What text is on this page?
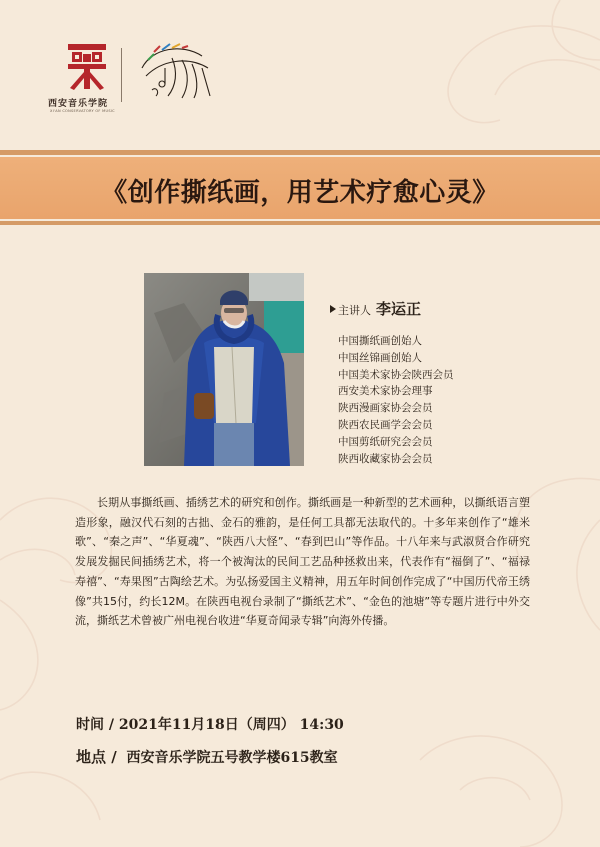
西安音乐学院
XI'AN CONSERVATORY OF MUSIC
《创作撕纸画，用艺术疗愈心灵》
主讲人 李运正
中国撕纸画创始人
中国丝锦画创始人
中国美术家协会陕西会员
西安美术家协会理事
陕西漫画家协会会员
陕西农民画学会会员
中国剪纸研究会会员
陕西收藏家协会会员

长期从事撕纸画、插绣艺术的研究和创作。撕纸画是一种新型的艺术画种，以撕纸语言塑造形象，融汉代石刻的古拙、金石的雅韵，是任何工具都无法取代的。十多年来创作了“雄米歌”、“秦之声”、“华夏魂”、“陕西八大怪”、“春到巴山”等作品。十八年来与武淑贤合作研究发展发掘民间插绣艺术，将一个被淘汰的民间工艺品种拯救出来，代表作有“福倒了”、“福禄寿禧”、“寿果图”古陶绘艺术。为弘扬爱国主义精神，用五年时间创作完成了“中国历代帝王绣像”共15付，约长12M。在陕西电视台录制了“撕纸艺术”、“金色的池塘”等专题片进行中外交流，撕纸艺术曾被广州电视台收进“华夏奇闻录专辑”向海外传播。

时间 / 2021年11月18日（周四） 14:30
地点 / 西安音乐学院五号教学楼615教室
